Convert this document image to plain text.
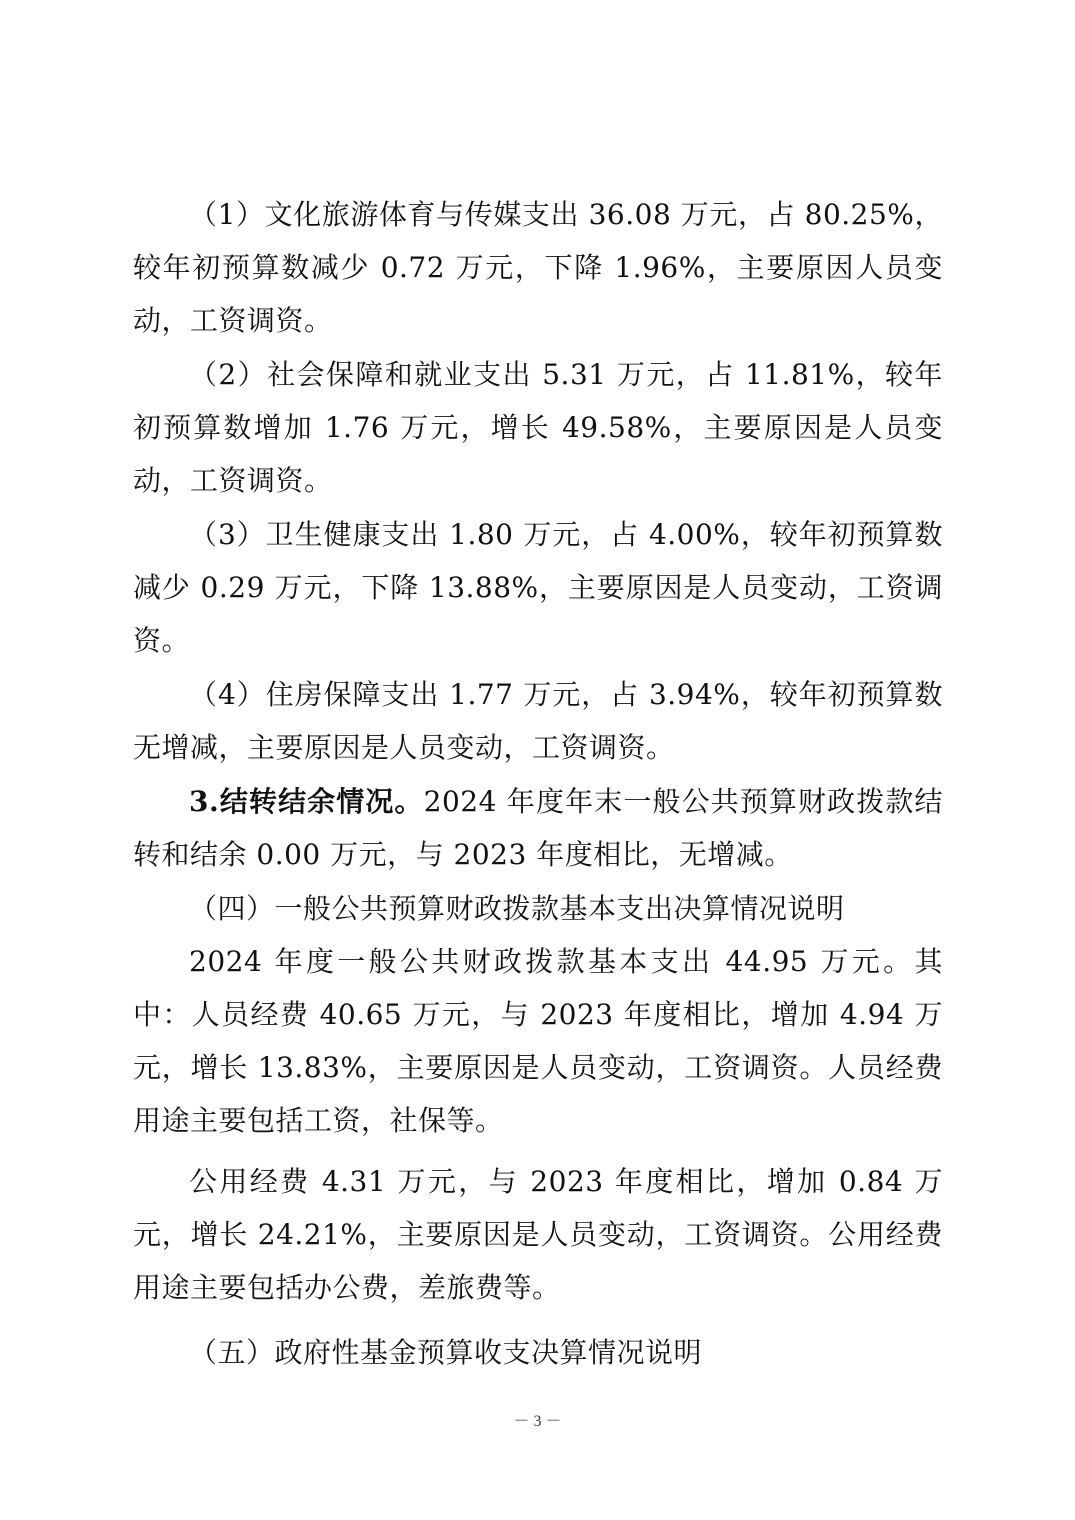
（1）文化旅游体育与传媒支出 36.08 万元，占 80.25%，较年初预算数减少 0.72 万元，下降 1.96%，主要原因人员变动，工资调资。

（2）社会保障和就业支出 5.31 万元，占 11.81%，较年初预算数增加 1.76 万元，增长 49.58%，主要原因是人员变动，工资调资。

（3）卫生健康支出 1.80 万元，占 4.00%，较年初预算数减少 0.29 万元，下降 13.88%，主要原因是人员变动，工资调资。

（4）住房保障支出 1.77 万元，占 3.94%，较年初预算数无增减，主要原因是人员变动，工资调资。

3.结转结余情况。2024 年度年末一般公共预算财政拨款结转和结余 0.00 万元，与 2023 年度相比，无增减。

（四）一般公共预算财政拨款基本支出决算情况说明

2024 年度一般公共财政拨款基本支出 44.95 万元。其中：人员经费 40.65 万元，与 2023 年度相比，增加 4.94 万元，增长 13.83%，主要原因是人员变动，工资调资。人员经费用途主要包括工资，社保等。

公用经费 4.31 万元，与 2023 年度相比，增加 0.84 万元，增长 24.21%，主要原因是人员变动，工资调资。公用经费用途主要包括办公费，差旅费等。

（五）政府性基金预算收支决算情况说明

－ 3 －
